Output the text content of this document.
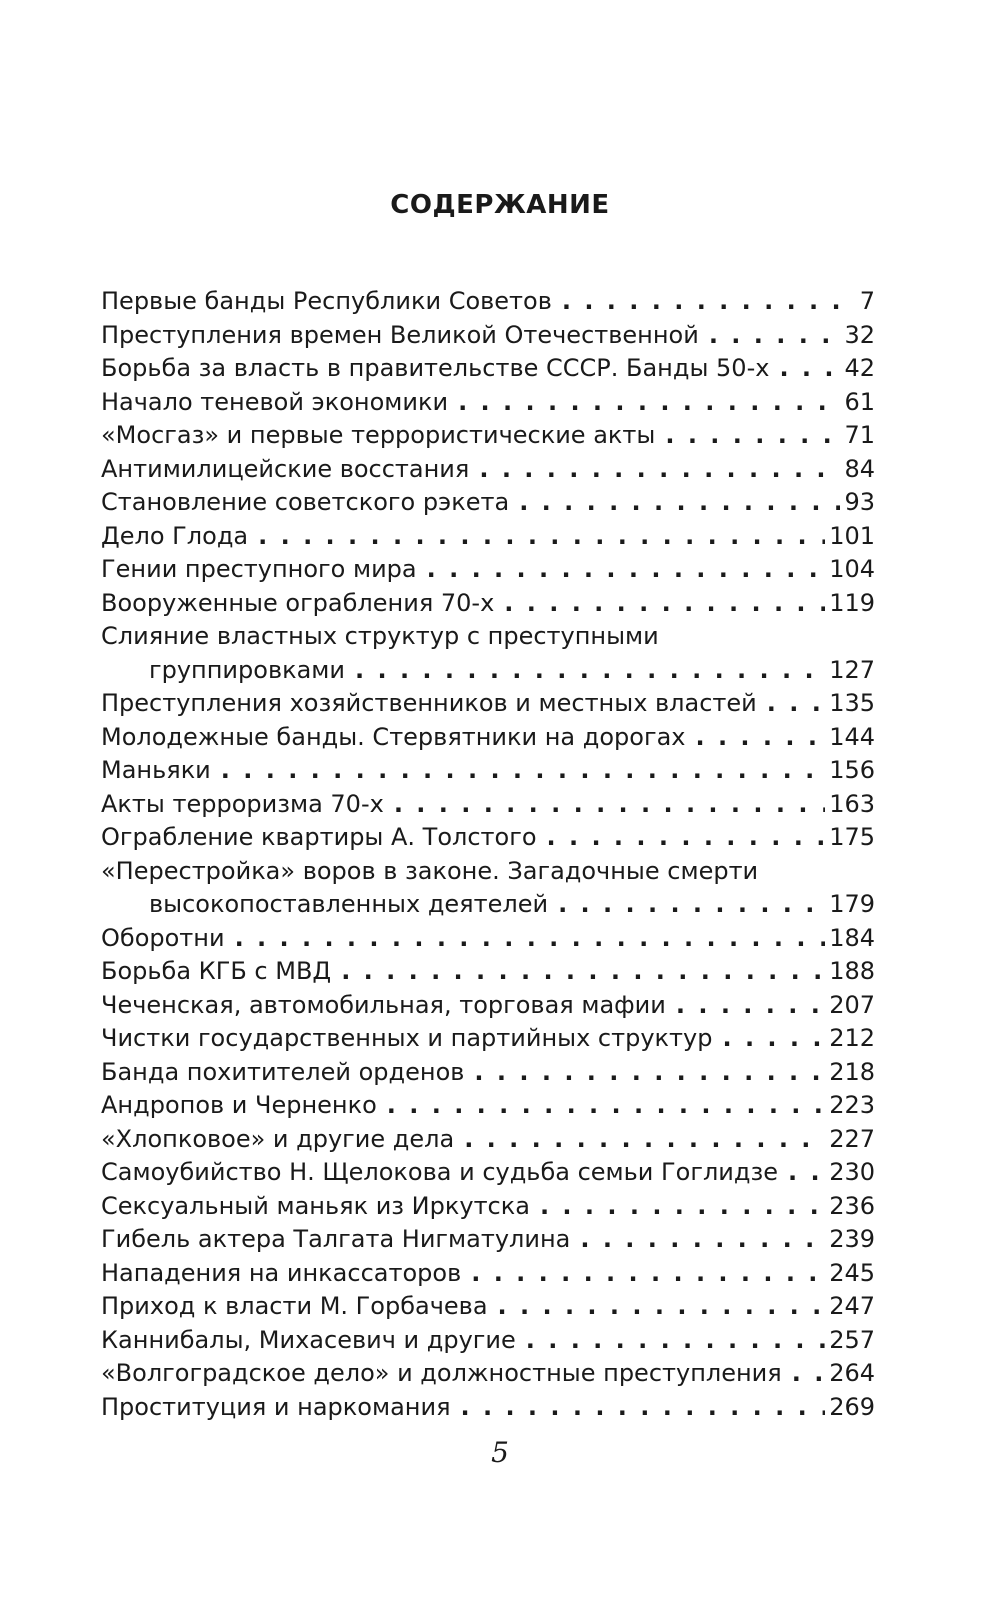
СОДЕРЖАНИЕ
Первые банды Республики Советов . . .	7
Преступления времен Великой Отечественной . . .	32
Борьба за власть в правительстве СССР. Банды 50-х . . .	42
Начало теневой экономики . . .	61
«Мосгаз» и первые террористические акты . . .	71
Антимилицейские восстания . . .	84
Становление советского рэкета . . .	93
Дело Глода . . .	101
Гении преступного мира . . .	104
Вооруженные ограбления 70-х . . .	119
Слияние властных структур с преступными
группировками . . .	127
Преступления хозяйственников и местных властей . . .	135
Молодежные банды. Стервятники на дорогах . . .	144
Маньяки . . .	156
Акты терроризма 70-х . . .	163
Ограбление квартиры А. Толстого . . .	175
«Перестройка» воров в законе. Загадочные смерти
высокопоставленных деятелей . . .	179
Оборотни . . .	184
Борьба КГБ с МВД . . .	188
Чеченская, автомобильная, торговая мафии . . .	207
Чистки государственных и партийных структур . . .	212
Банда похитителей орденов . . .	218
Андропов и Черненко . . .	223
«Хлопковое» и другие дела . . .	227
Самоубийство Н. Щелокова и судьба семьи Гоглидзе . . . 230
Сексуальный маньяк из Иркутска . . .	236
Гибель актера Талгата Нигматулина . . .	239
Нападения на инкассаторов . . .	245
Приход к власти М. Горбачева . . .	247
Каннибалы, Михасевич и другие . . .	257
«Волгоградское дело» и должностные преступления . . . 264
Проституция и наркомания . . .	269
5
